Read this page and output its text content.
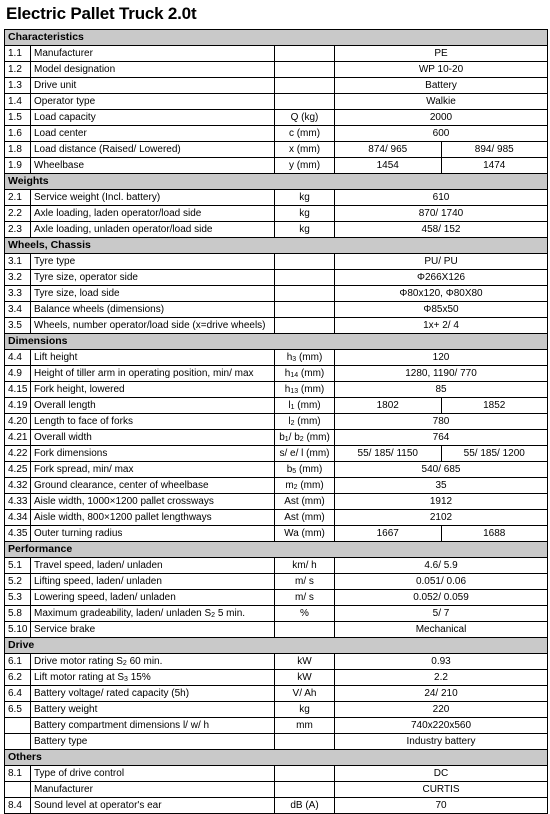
Electric Pallet Truck 2.0t
Characteristics				
1.1	Manufacturer		PE	
1.2	Model designation		WP 10-20	
1.3	Drive unit		Battery	
1.4	Operator type		Walkie	
1.5	Load capacity	Q (kg)	2000	
1.6	Load center	c (mm)	600	
1.8	Load distance (Raised/ Lowered)	x (mm)	874/ 965	894/ 985
1.9	Wheelbase	y (mm)	1454	1474
Weights				
2.1	Service weight (Incl. battery)	kg	610	
2.2	Axle loading, laden operator/load side	kg	870/ 1740	
2.3	Axle loading, unladen operator/load side	kg	458/ 152	
Wheels, Chassis				
3.1	Tyre type		PU/ PU	
3.2	Tyre size, operator side		Φ266X126	
3.3	Tyre size, load side		Φ80x120, Φ80X80	
3.4	Balance wheels (dimensions)		Φ85x50	
3.5	Wheels, number operator/load side (x=drive wheels)		1x+ 2/ 4	
Dimensions				
4.4	Lift height	$h_3$ (mm)	120	
4.9	Height of tiller arm in operating position, min/ max	$h_{14}$ (mm)	1280, 1190/ 770	
4.15	Fork height, lowered	$h_{13}$ (mm)	85	
4.19	Overall length	$l_1$ (mm)	1802	1852
4.20	Length to face of forks	$l_2$ (mm)	780	
4.21	Overall width	$b_1/$ $b_2$ (mm)	764	
4.22	Fork dimensions	s/ e/ l (mm)	55/ 185/ 1150	55/ 185/ 1200
4.25	Fork spread, min/ max	$b_5$ (mm)	540/ 685	
4.32	Ground clearance, center of wheelbase	$m_2$ (mm)	35	
4.33	Aisle width, 1000×1200 pallet crossways	Ast (mm)	1912	
4.34	Aisle width, 800×1200 pallet lengthways	Ast (mm)	2102	
4.35	Outer turning radius	Wa (mm)	1667	1688
Performance				
5.1	Travel speed, laden/ unladen	km/ h	4.6/ 5.9	
5.2	Lifting speed, laden/ unladen	m/ s	0.051/ 0.06	
5.3	Lowering speed, laden/ unladen	m/ s	0.052/ 0.059	
5.8	Maximum gradeability, laden/ unladen $S_2$ 5 min.	%	5/ 7	
5.10	Service brake		Mechanical	
Drive				
6.1	Drive motor rating $S_2$ 60 min.	kW	0.93	
6.2	Lift motor rating at $S_3$ 15%	kW	2.2	
6.4	Battery voltage/ rated capacity (5h)	V/ Ah	24/ 210	
6.5	Battery weight	kg	220	
	Battery compartment dimensions l/ w/ h	mm	740x220x560	
	Battery type		Industry battery	
Others				
8.1	Type of drive control		DC	
	Manufacturer		CURTIS	
8.4	Sound level at operator's ear	dB (A)	70	
